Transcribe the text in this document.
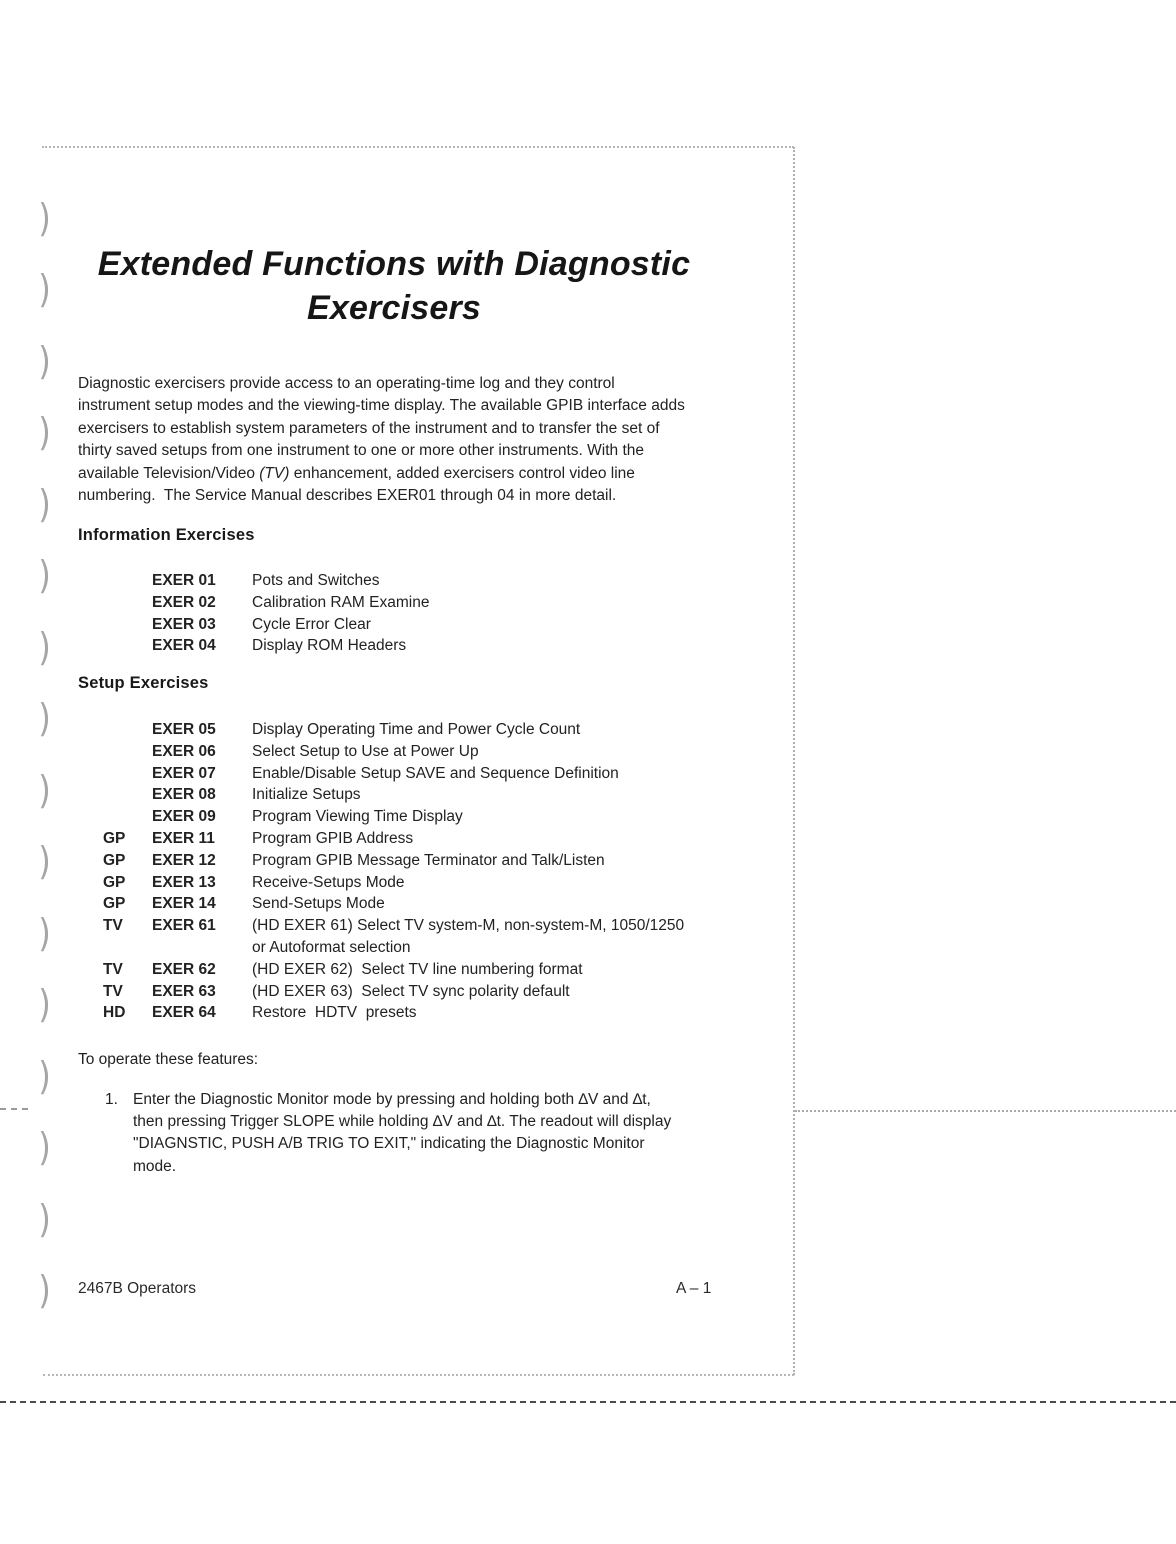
)
)
)
)
)
)
)
)
)
)
)
)
)
)
)
)
Extended Functions with Diagnostic
Exercisers
Diagnostic exercisers provide access to an operating-time log and they control
instrument setup modes and the viewing-time display. The available GPIB interface adds
exercisers to establish system parameters of the instrument and to transfer the set of
thirty saved setups from one instrument to one or more other instruments. With the
available Television/Video (TV) enhancement, added exercisers control video line
numbering.  The Service Manual describes EXER01 through 04 in more detail.
Information Exercises
EXER 01	Pots and Switches
EXER 02	Calibration RAM Examine
EXER 03	Cycle Error Clear
EXER 04	Display ROM Headers
Setup Exercises
EXER 05	Display Operating Time and Power Cycle Count
EXER 06	Select Setup to Use at Power Up
EXER 07	Enable/Disable Setup SAVE and Sequence Definition
EXER 08	Initialize Setups
EXER 09	Program Viewing Time Display
GP	EXER 11	Program GPIB Address
GP	EXER 12	Program GPIB Message Terminator and Talk/Listen
GP	EXER 13	Receive-Setups Mode
GP	EXER 14	Send-Setups Mode
TV	EXER 61	(HD EXER 61) Select TV system-M, non-system-M, 1050/1250
or Autoformat selection
TV	EXER 62	(HD EXER 62)  Select TV line numbering format
TV	EXER 63	(HD EXER 63)  Select TV sync polarity default
HD	EXER 64	Restore  HDTV  presets
To operate these features:
1. Enter the Diagnostic Monitor mode by pressing and holding both ∆V and ∆t,
then pressing Trigger SLOPE while holding ∆V and ∆t. The readout will display
"DIAGNSTIC, PUSH A/B TRIG TO EXIT," indicating the Diagnostic Monitor
mode.
2467B Operators	A – 1
